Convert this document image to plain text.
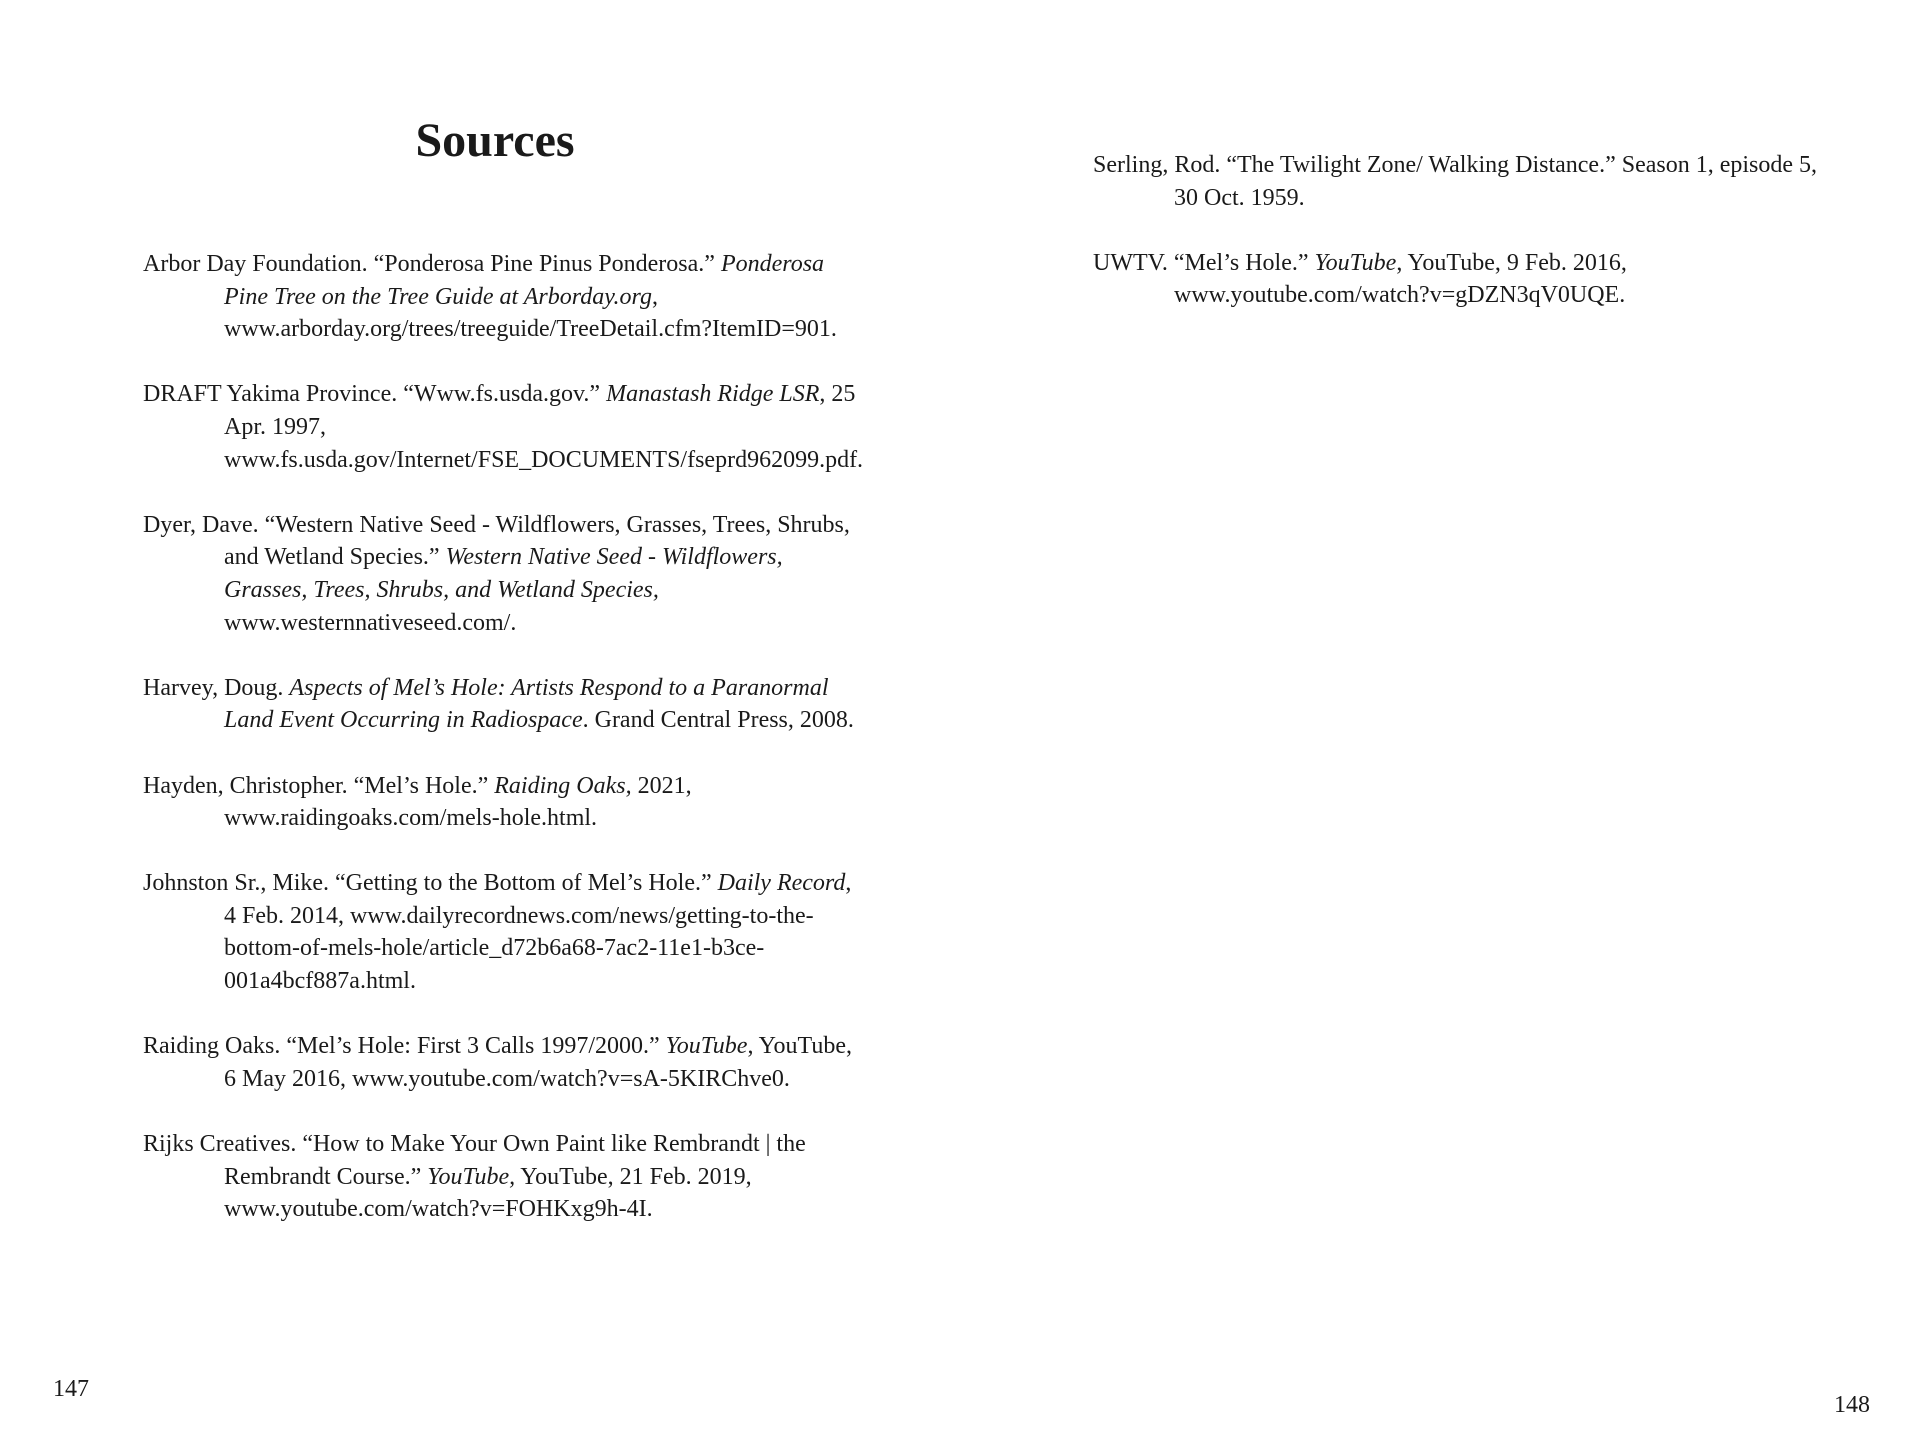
Sources
Arbor Day Foundation. “Ponderosa Pine Pinus Ponderosa.” Ponderosa Pine Tree on the Tree Guide at Arborday.org, www.arborday.org/trees/treeguide/TreeDetail.cfm?ItemID=901.
DRAFT Yakima Province. “Www.fs.usda.gov.” Manastash Ridge LSR, 25 Apr. 1997, www.fs.usda.gov/Internet/FSE_DOCUMENTS/fseprd962099.pdf.
Dyer, Dave. “Western Native Seed - Wildflowers, Grasses, Trees, Shrubs, and Wetland Species.” Western Native Seed - Wildflowers, Grasses, Trees, Shrubs, and Wetland Species, www.westernnativeseed.com/.
Harvey, Doug. Aspects of Mel’s Hole: Artists Respond to a Paranormal Land Event Occurring in Radiospace. Grand Central Press, 2008.
Hayden, Christopher. “Mel’s Hole.” Raiding Oaks, 2021, www.raidingoaks.com/mels-hole.html.
Johnston Sr., Mike. “Getting to the Bottom of Mel’s Hole.” Daily Record, 4 Feb. 2014, www.dailyrecordnews.com/news/getting-to-the-bottom-of-mels-hole/article_d72b6a68-7ac2-11e1-b3ce-001a4bcf887a.html.
Raiding Oaks. “Mel’s Hole: First 3 Calls 1997/2000.” YouTube, YouTube, 6 May 2016, www.youtube.com/watch?v=sA-5KIRChve0.
Rijks Creatives. “How to Make Your Own Paint like Rembrandt | the Rembrandt Course.” YouTube, YouTube, 21 Feb. 2019, www.youtube.com/watch?v=FOHKxg9h-4I.
147
Serling, Rod. “The Twilight Zone/ Walking Distance.” Season 1, episode 5, 30 Oct. 1959.
UWTV. “Mel’s Hole.” YouTube, YouTube, 9 Feb. 2016, www.youtube.com/watch?v=gDZN3qV0UQE.
148
